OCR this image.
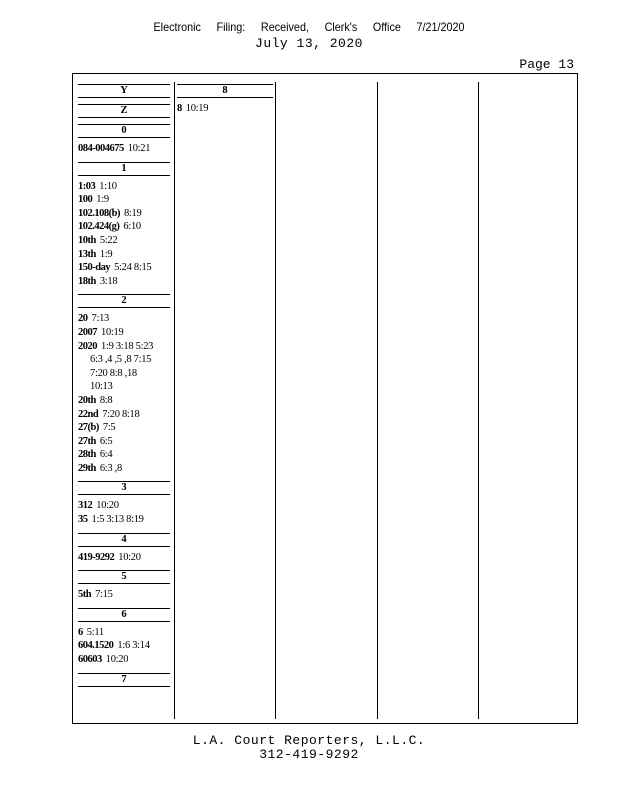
Electronic Filing: Received, Clerk's Office 7/21/2020
July 13, 2020
Page 13
Y
Z
0
084-004675 10:21
1
1:03 1:10
100 1:9
102.108(b) 8:19
102.424(g) 6:10
10th 5:22
13th 1:9
150-day 5:24 8:15
18th 3:18
2
20 7:13
2007 10:19
2020 1:9 3:18 5:23
6:3 ,4 ,5 ,8 7:15
7:20 8:8 ,18
10:13
20th 8:8
22nd 7:20 8:18
27(b) 7:5
27th 6:5
28th 6:4
29th 6:3 ,8
3
312 10:20
35 1:5 3:13 8:19
4
419-9292 10:20
5
5th 7:15
6
6 5:11
604.1520 1:6 3:14
60603 10:20
7
8
8 10:19
L.A. Court Reporters, L.L.C.
312-419-9292
